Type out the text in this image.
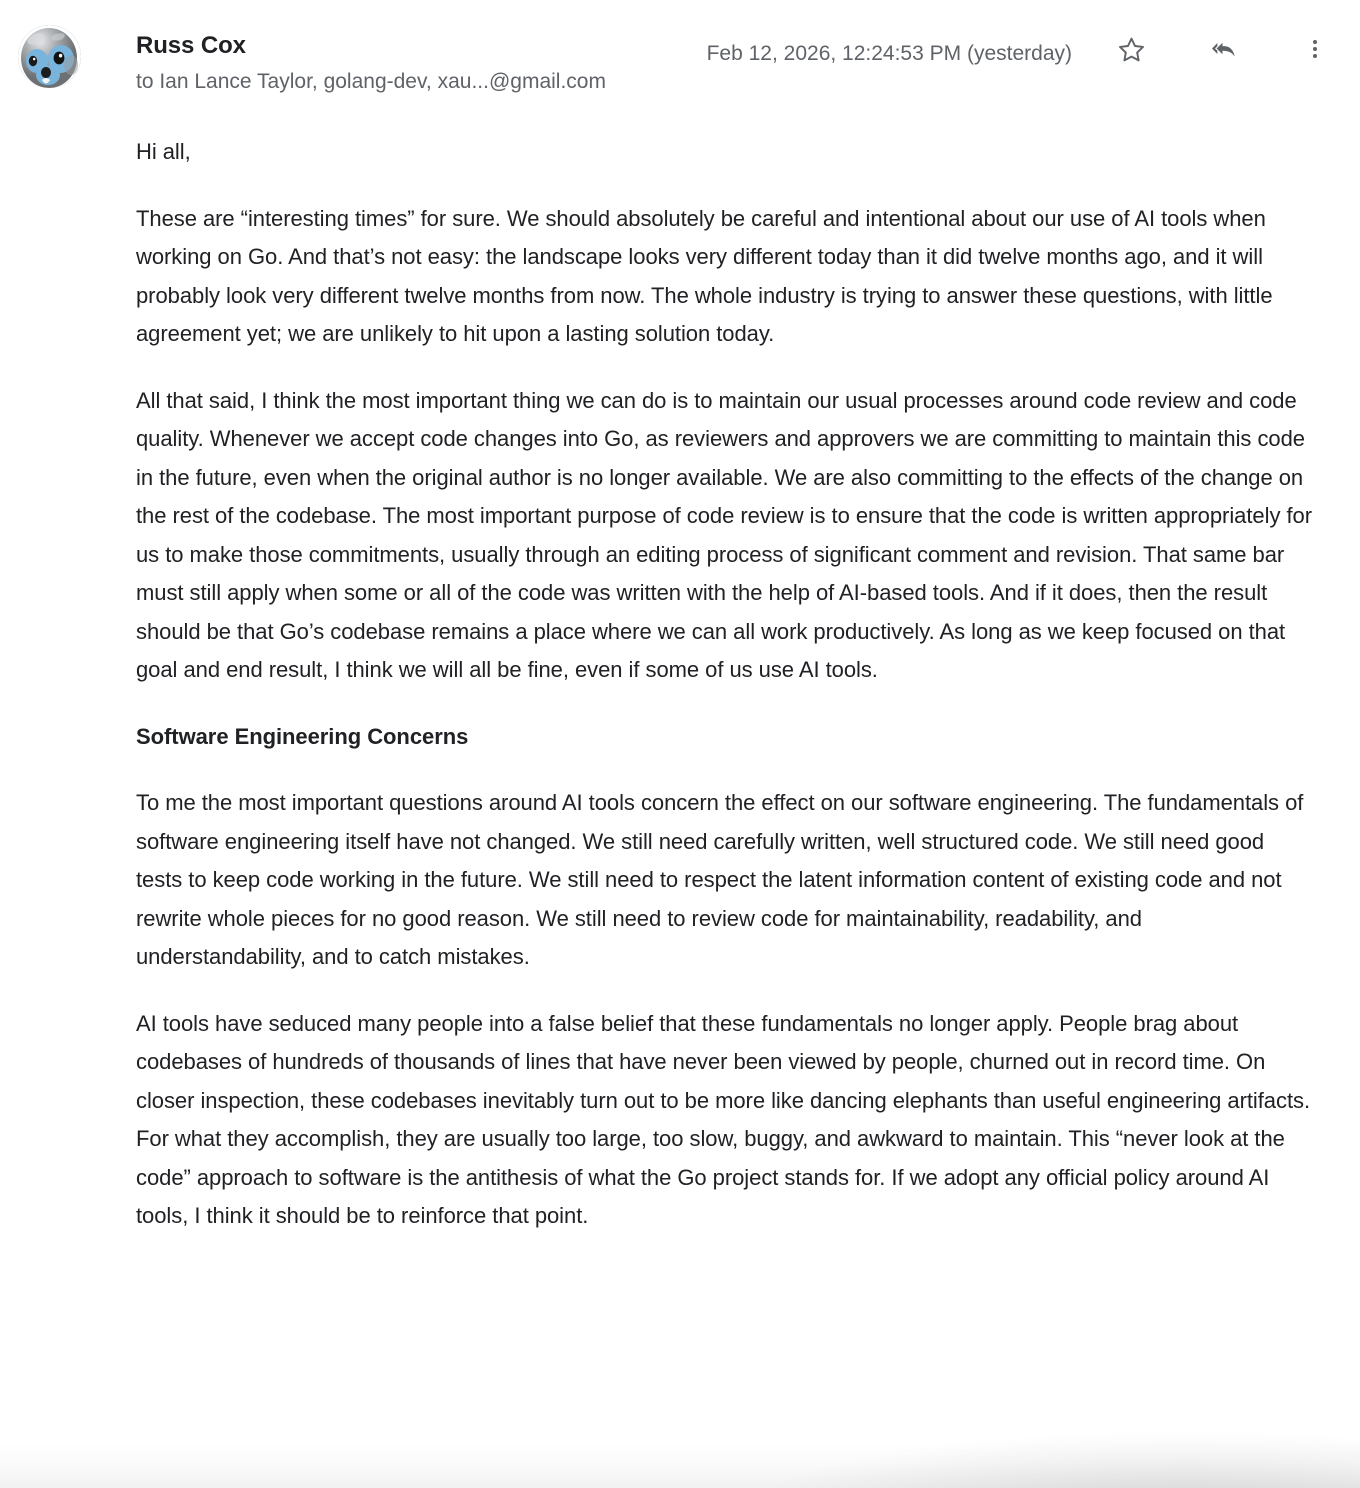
Russ Cox
to Ian Lance Taylor, golang-dev, xau...@gmail.com
Feb 12, 2026, 12:24:53 PM (yesterday)

Hi all,

These are “interesting times” for sure. We should absolutely be careful and intentional about our use of AI tools when working on Go. And that’s not easy: the landscape looks very different today than it did twelve months ago, and it will probably look very different twelve months from now. The whole industry is trying to answer these questions, with little agreement yet; we are unlikely to hit upon a lasting solution today.

All that said, I think the most important thing we can do is to maintain our usual processes around code review and code quality. Whenever we accept code changes into Go, as reviewers and approvers we are committing to maintain this code in the future, even when the original author is no longer available. We are also committing to the effects of the change on the rest of the codebase. The most important purpose of code review is to ensure that the code is written appropriately for us to make those commitments, usually through an editing process of significant comment and revision. That same bar must still apply when some or all of the code was written with the help of AI-based tools. And if it does, then the result should be that Go’s codebase remains a place where we can all work productively. As long as we keep focused on that goal and end result, I think we will all be fine, even if some of us use AI tools.

Software Engineering Concerns

To me the most important questions around AI tools concern the effect on our software engineering. The fundamentals of software engineering itself have not changed. We still need carefully written, well structured code. We still need good tests to keep code working in the future. We still need to respect the latent information content of existing code and not rewrite whole pieces for no good reason. We still need to review code for maintainability, readability, and understandability, and to catch mistakes.

AI tools have seduced many people into a false belief that these fundamentals no longer apply. People brag about codebases of hundreds of thousands of lines that have never been viewed by people, churned out in record time. On closer inspection, these codebases inevitably turn out to be more like dancing elephants than useful engineering artifacts. For what they accomplish, they are usually too large, too slow, buggy, and awkward to maintain. This “never look at the code” approach to software is the antithesis of what the Go project stands for. If we adopt any official policy around AI tools, I think it should be to reinforce that point.
